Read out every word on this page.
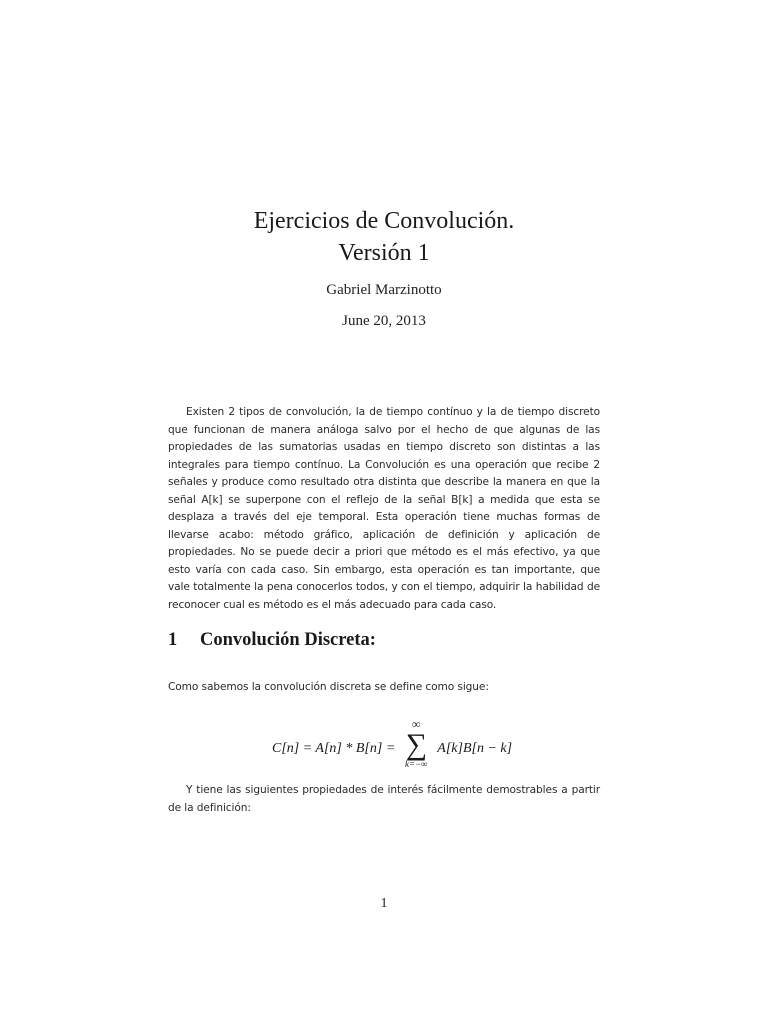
Ejercicios de Convolución.
Versión 1
Gabriel Marzinotto
June 20, 2013

Existen 2 tipos de convolución, la de tiempo contínuo y la de tiempo discreto que funcionan de manera análoga salvo por el hecho de que algunas de las propiedades de las sumatorias usadas en tiempo discreto son distintas a las integrales para tiempo contínuo. La Convolución es una operación que recibe 2 señales y produce como resultado otra distinta que describe la manera en que la señal A[k] se superpone con el reflejo de la señal B[k] a medida que esta se desplaza a través del eje temporal. Esta operación tiene muchas formas de llevarse acabo: método gráfico, aplicación de definición y aplicación de propiedades. No se puede decir a priori que método es el más efectivo, ya que esto varía con cada caso. Sin embargo, esta operación es tan importante, que vale totalmente la pena conocerlos todos, y con el tiempo, adquirir la habilidad de reconocer cual es método es el más adecuado para cada caso.

1 Convolución Discreta:

Como sabemos la convolución discreta se define como sigue:

C[n] = A[n] * B[n] =
∞
∑
k=−∞
A[k]B[n − k]

Y tiene las siguientes propiedades de interés fácilmente demostrables a partir de la definición:

1
